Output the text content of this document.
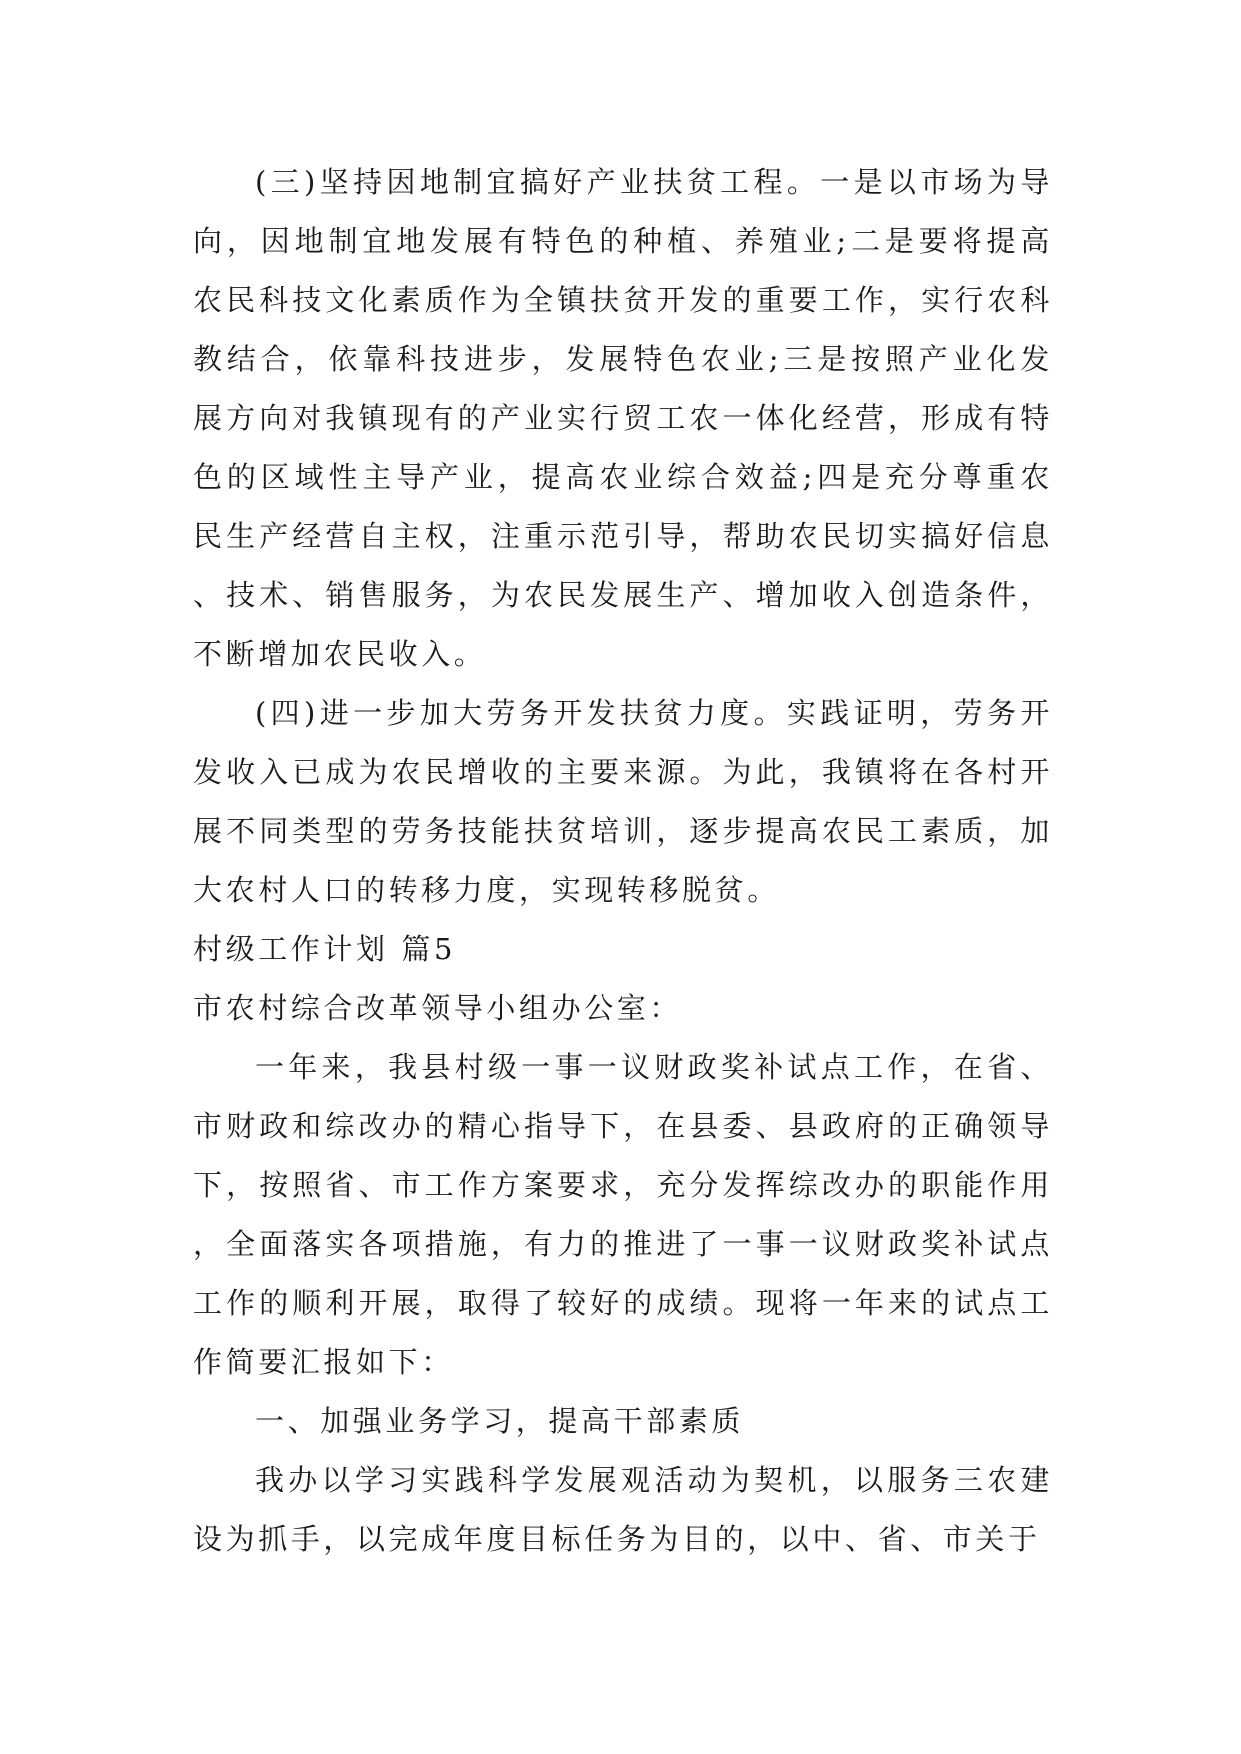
(三)坚持因地制宜搞好产业扶贫工程。一是以市场为导向，因地制宜地发展有特色的种植、养殖业;二是要将提高农民科技文化素质作为全镇扶贫开发的重要工作，实行农科教结合，依靠科技进步，发展特色农业;三是按照产业化发展方向对我镇现有的产业实行贸工农一体化经营，形成有特色的区域性主导产业，提高农业综合效益;四是充分尊重农民生产经营自主权，注重示范引导，帮助农民切实搞好信息、技术、销售服务，为农民发展生产、增加收入创造条件，不断增加农民收入。

(四)进一步加大劳务开发扶贫力度。实践证明，劳务开发收入已成为农民增收的主要来源。为此，我镇将在各村开展不同类型的劳务技能扶贫培训，逐步提高农民工素质，加大农村人口的转移力度，实现转移脱贫。

村级工作计划 篇5

市农村综合改革领导小组办公室：

一年来，我县村级一事一议财政奖补试点工作，在省、市财政和综改办的精心指导下，在县委、县政府的正确领导下，按照省、市工作方案要求，充分发挥综改办的职能作用，全面落实各项措施，有力的推进了一事一议财政奖补试点工作的顺利开展，取得了较好的成绩。现将一年来的试点工作简要汇报如下：

一、加强业务学习，提高干部素质

我办以学习实践科学发展观活动为契机，以服务三农建设为抓手，以完成年度目标任务为目的，以中、省、市关于
